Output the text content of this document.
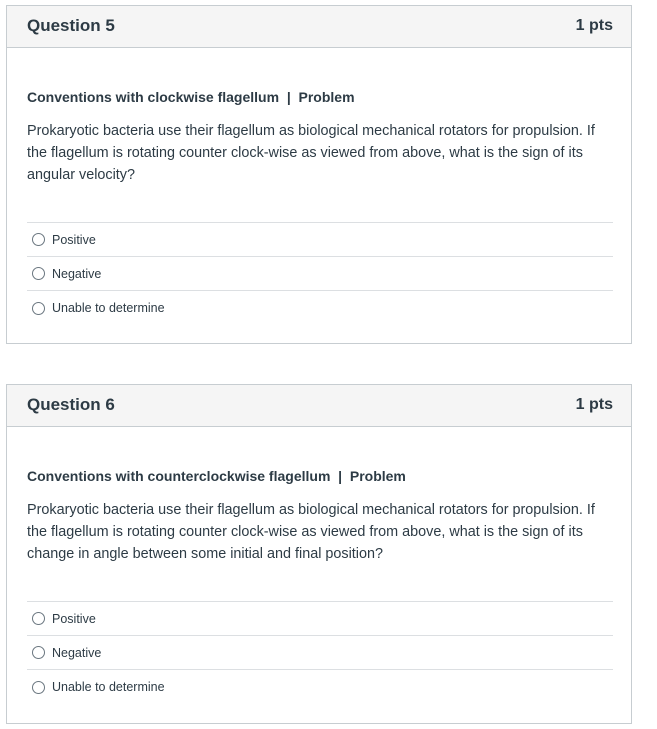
Question 5	1 pts

Conventions with clockwise flagellum  |  Problem

Prokaryotic bacteria use their flagellum as biological mechanical rotators for propulsion. If the flagellum is rotating counter clock-wise as viewed from above, what is the sign of its angular velocity?

Positive
Negative
Unable to determine
Question 6	1 pts

Conventions with counterclockwise flagellum  |  Problem

Prokaryotic bacteria use their flagellum as biological mechanical rotators for propulsion. If the flagellum is rotating counter clock-wise as viewed from above, what is the sign of its change in angle between some initial and final position?

Positive
Negative
Unable to determine
